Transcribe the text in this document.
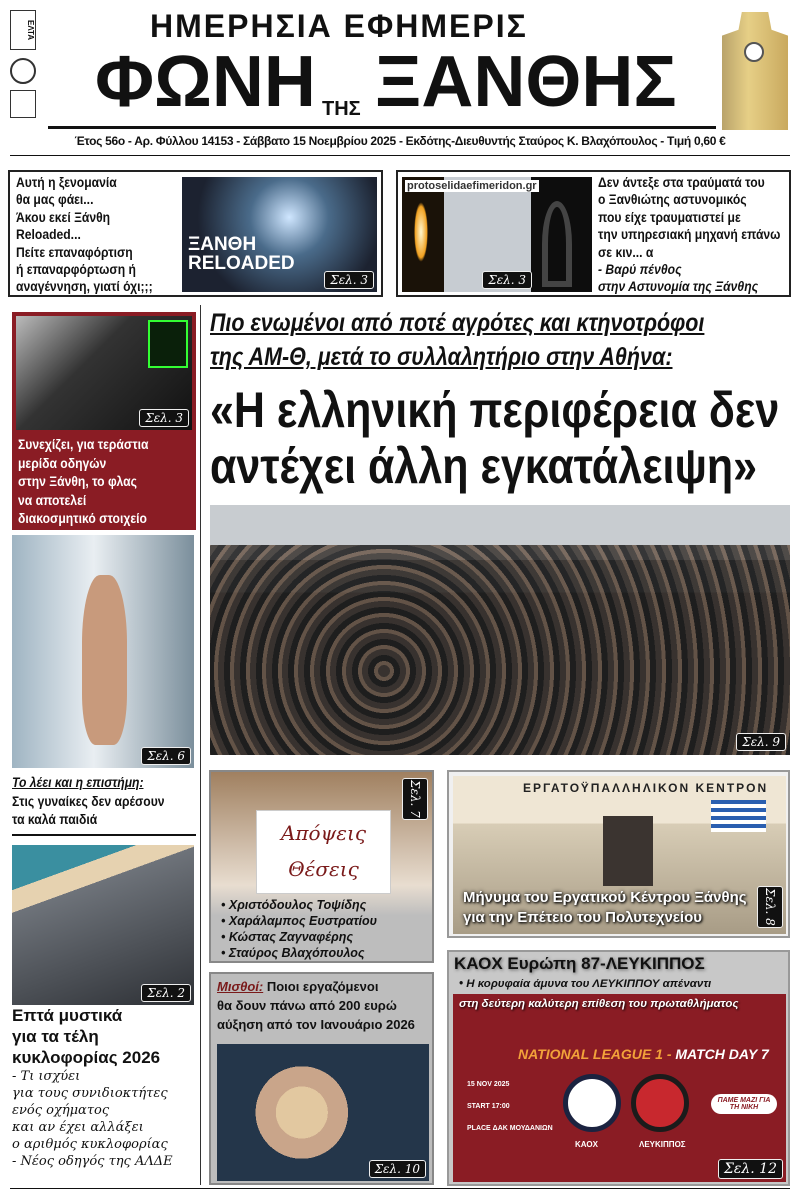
ΕΛΤΑ	ΗΜΕΡΗΣΙΑ ΕΦΗΜΕΡΙΣ
ΦΩΝΗ ΤΗΣ ΞΑΝΘΗΣ
Έτος 56ο - Αρ. Φύλλου 14153 - Σάββατο 15 Νοεμβρίου 2025 - Εκδότης-Διευθυντής Σταύρος Κ. Βλαχόπουλος - Τιμή 0,60 €
Αυτή η ξενομανία
θα μας φάει...
Άκου εκεί Ξάνθη
Reloaded...
Πείτε επαναφόρτιση
ή επαναρφόρτωση ή
αναγέννηση, γιατί όχι;;;
ΞΑΝΘΗ RELOADED
Σελ. 3
protoselidaefimeridon.gr
Σελ. 3
Δεν άντεξε στα τραύματά του
ο Ξανθιώτης αστυνομικός
που είχε τραυματιστεί με
την υπηρεσιακή μηχανή επάνω
σε κιν... α
- Βαρύ πένθος
στην Αστυνομία της Ξάνθης
Σελ. 3
Συνεχίζει, για τεράστια
μερίδα οδηγών
στην Ξάνθη, το φλας
να αποτελεί
διακοσμητικό στοιχείο
Σελ. 6
Το λέει και η επιστήμη:
Στις γυναίκες δεν αρέσουν
τα καλά παιδιά
Σελ. 2
Επτά μυστικά
για τα τέλη
κυκλοφορίας 2026
- Τι ισχύει
για τους συνιδιοκτήτες
ενός οχήματος
και αν έχει αλλάξει
ο αριθμός κυκλοφορίας
- Νέος οδηγός της ΑΛΔΕ
Πιο ενωμένοι από ποτέ αγρότες και κτηνοτρόφοι
της ΑΜ-Θ, μετά το συλλαλητήριο στην Αθήνα:
«Η ελληνική περιφέρεια δεν
αντέχει άλλη εγκατάλειψη»
Σελ. 9
Απόψεις
Θέσεις
Σελ. 7
• Χριστόδουλος Τοψίδης
• Χαράλαμπος Ευστρατίου
• Κώστας Ζαγναφέρης
• Σταύρος Βλαχόπουλος
Μισθοί: Ποιοι εργαζόμενοι
θα δουν πάνω από 200 ευρώ
αύξηση από τον Ιανουάριο 2026
Σελ. 10
ΕΡΓΑΤΟΫΠΑΛΛΗΛΙΚΟΝ ΚΕΝΤΡΟΝ
Μήνυμα του Εργατικού Κέντρου Ξάνθης
για την Επέτειο του Πολυτεχνείου	Σελ. 8
ΚΑΟΧ Ευρώπη 87-ΛΕΥΚΙΠΠΟΣ
• Η κορυφαία άμυνα του ΛΕΥΚΙΠΠΟΥ απέναντι
στη δεύτερη καλύτερη επίθεση του πρωταθλήματος
NATIONAL LEAGUE 1 - MATCH DAY 7
15 NOV 2025
START 17:00
PLACE ΔΑΚ ΜΟΥΔΑΝΙΩΝ
ΚΑΟΧ	ΛΕΥΚΙΠΠΟΣ
ΠΑΜΕ ΜΑΖΙ ΓΙΑ ΤΗ ΝΙΚΗ
Σελ. 12
